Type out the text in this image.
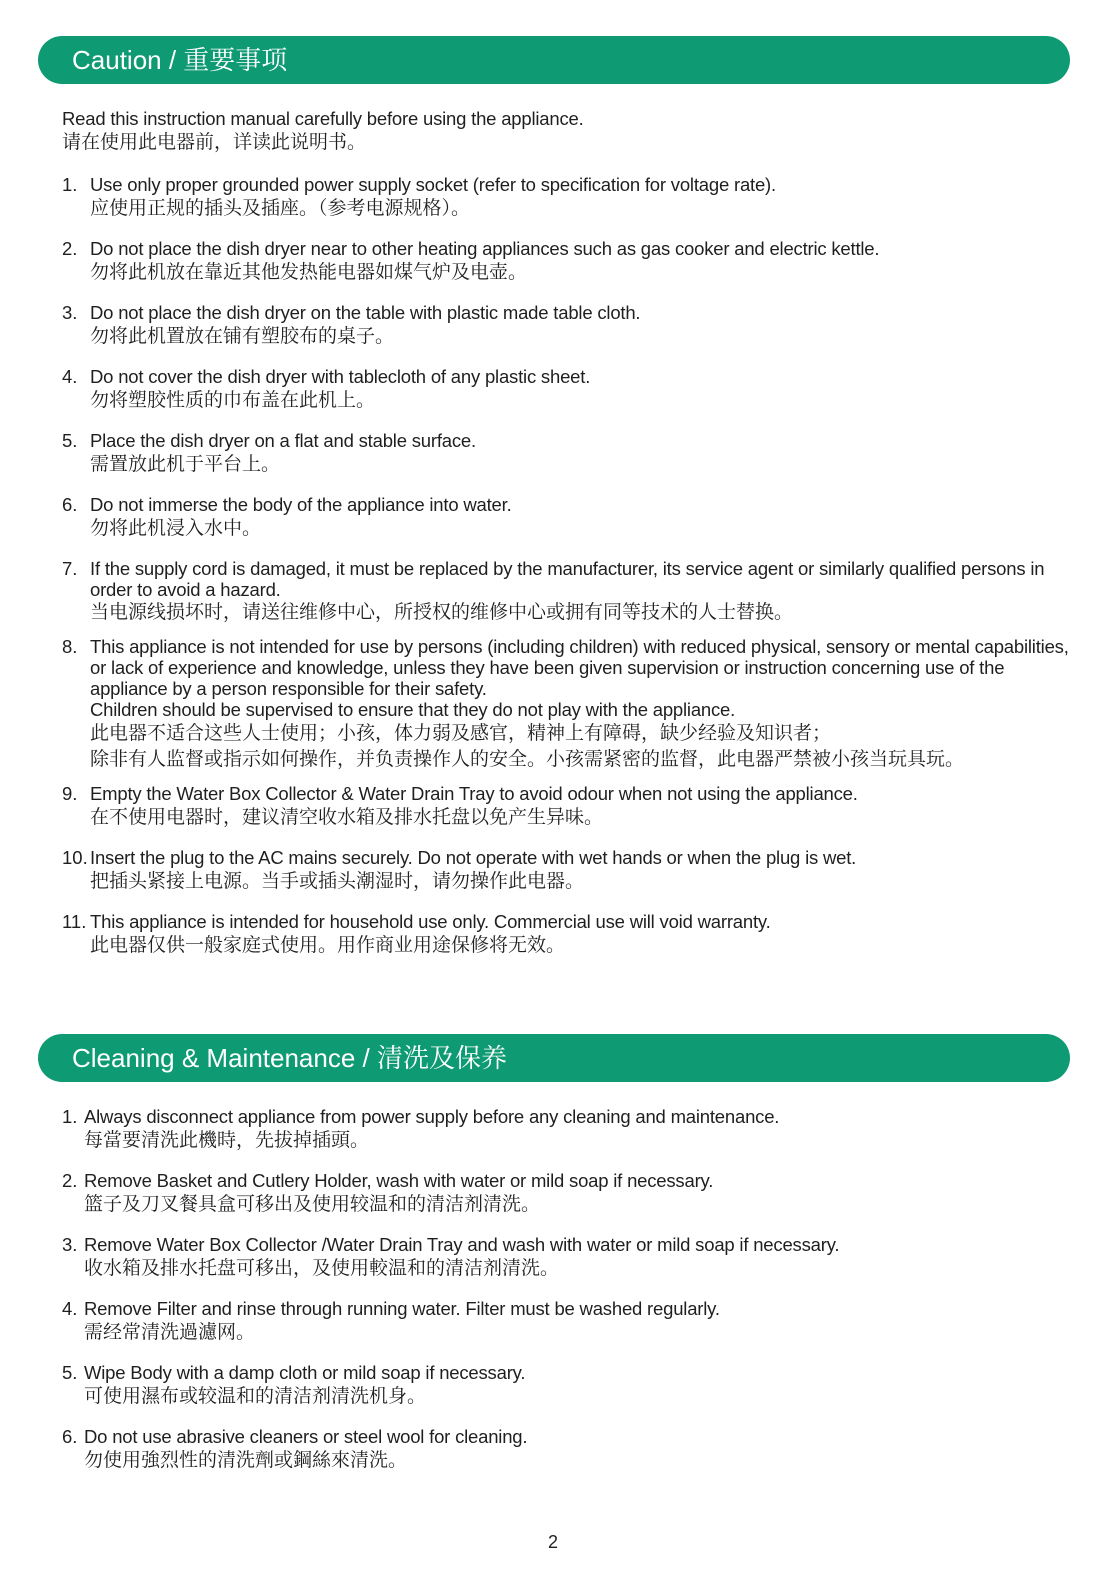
Caution / 重要事项
Read this instruction manual carefully before using the appliance.
请在使用此电器前，详读此说明书。
1. Use only proper grounded power supply socket (refer to specification for voltage rate).
应使用正规的插头及插座。（参考电源规格）。
2. Do not place the dish dryer near to other heating appliances such as gas cooker and electric kettle.
勿将此机放在靠近其他发热能电器如煤气炉及电壶。
3. Do not place the dish dryer on the table with plastic made table cloth.
勿将此机置放在铺有塑胶布的桌子。
4. Do not cover the dish dryer with tablecloth of any plastic sheet.
勿将塑胶性质的巾布盖在此机上。
5. Place the dish dryer on a flat and stable surface.
需置放此机于平台上。
6. Do not immerse the body of the appliance into water.
勿将此机浸入水中。
7. If the supply cord is damaged, it must be replaced by the manufacturer, its service agent or similarly qualified persons in order to avoid a hazard.
当电源线损坏时，请送往维修中心，所授权的维修中心或拥有同等技术的人士替换。
8. This appliance is not intended for use by persons (including children) with reduced physical, sensory or mental capabilities, or lack of experience and knowledge, unless they have been given supervision or instruction concerning use of the appliance by a person responsible for their safety.
Children should be supervised to ensure that they do not play with the appliance.
此电器不适合这些人士使用；小孩，体力弱及感官，精神上有障碍，缺少经验及知识者；
除非有人监督或指示如何操作，并负责操作人的安全。小孩需紧密的监督，此电器严禁被小孩当玩具玩。
9. Empty the Water Box Collector & Water Drain Tray to avoid odour when not using the appliance.
在不使用电器时，建议清空收水箱及排水托盘以免产生异味。
10. Insert the plug to the AC mains securely. Do not operate with wet hands or when the plug is wet.
把插头紧接上电源。当手或插头潮湿时，请勿操作此电器。
11. This appliance is intended for household use only. Commercial use will void warranty.
此电器仅供一般家庭式使用。用作商业用途保修将无效。
Cleaning & Maintenance / 清洗及保养
1. Always disconnect appliance from power supply before any cleaning and maintenance.
每當要清洗此機時，先拔掉插頭。
2. Remove Basket and Cutlery Holder, wash with water or mild soap if necessary.
篮子及刀叉餐具盒可移出及使用较温和的清洁剂清洗。
3. Remove Water Box Collector /Water Drain Tray and wash with water or mild soap if necessary.
收水箱及排水托盘可移出，及使用較温和的清洁剂清洗。
4. Remove Filter and rinse through running water. Filter must be washed regularly.
需经常清洗過濾网。
5. Wipe Body with a damp cloth or mild soap if necessary.
可使用濕布或较温和的清洁剂清洗机身。
6. Do not use abrasive cleaners or steel wool for cleaning.
勿使用強烈性的清洗劑或鋼絲來清洗。
2
